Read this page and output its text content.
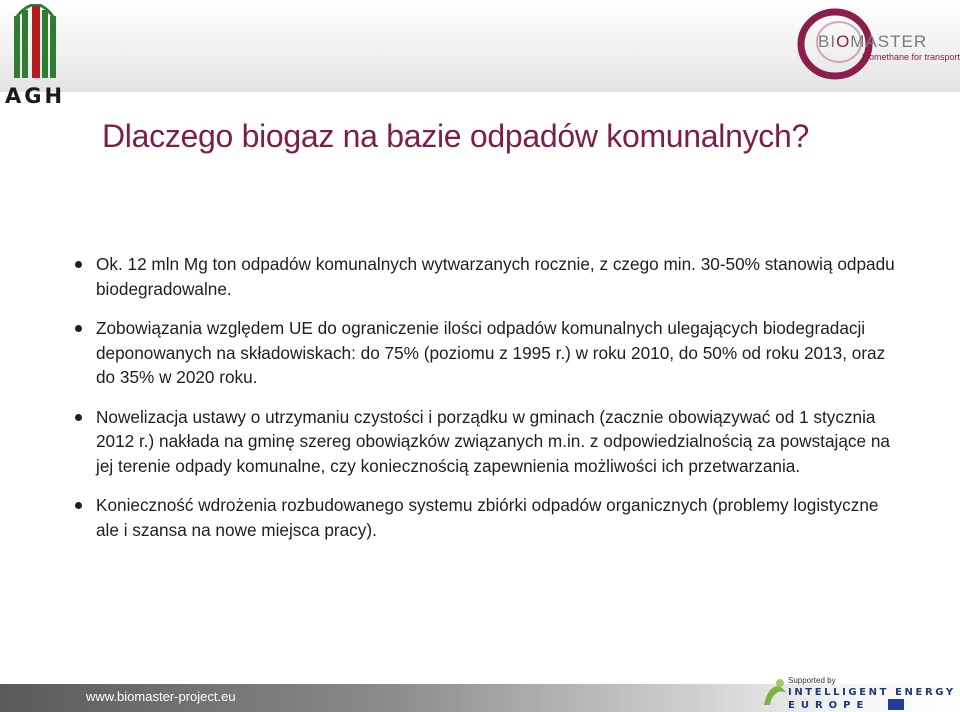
AGH
BIOMASTER
biomethane for transport
Dlaczego biogaz na bazie odpadów komunalnych?
Ok. 12 mln Mg ton odpadów komunalnych wytwarzanych rocznie, z czego min. 30-50% stanowią odpadu biodegradowalne.
Zobowiązania względem UE do ograniczenie ilości odpadów komunalnych ulegających biodegradacji deponowanych na składowiskach: do 75% (poziomu z 1995 r.) w roku 2010, do 50% od roku 2013, oraz do 35% w 2020 roku.
Nowelizacja ustawy o utrzymaniu czystości i porządku w gminach (zacznie obowiązywać od 1 stycznia 2012 r.) nakłada na gminę szereg obowiązków związanych m.in. z odpowiedzialnością za powstające na jej terenie odpady komunalne, czy koniecznością zapewnienia możliwości ich przetwarzania.
Konieczność wdrożenia rozbudowanego systemu zbiórki odpadów organicznych (problemy logistyczne ale i szansa na nowe miejsca pracy).
www.biomaster-project.eu
Supported by
INTELLIGENT ENERGY
EUROPE
